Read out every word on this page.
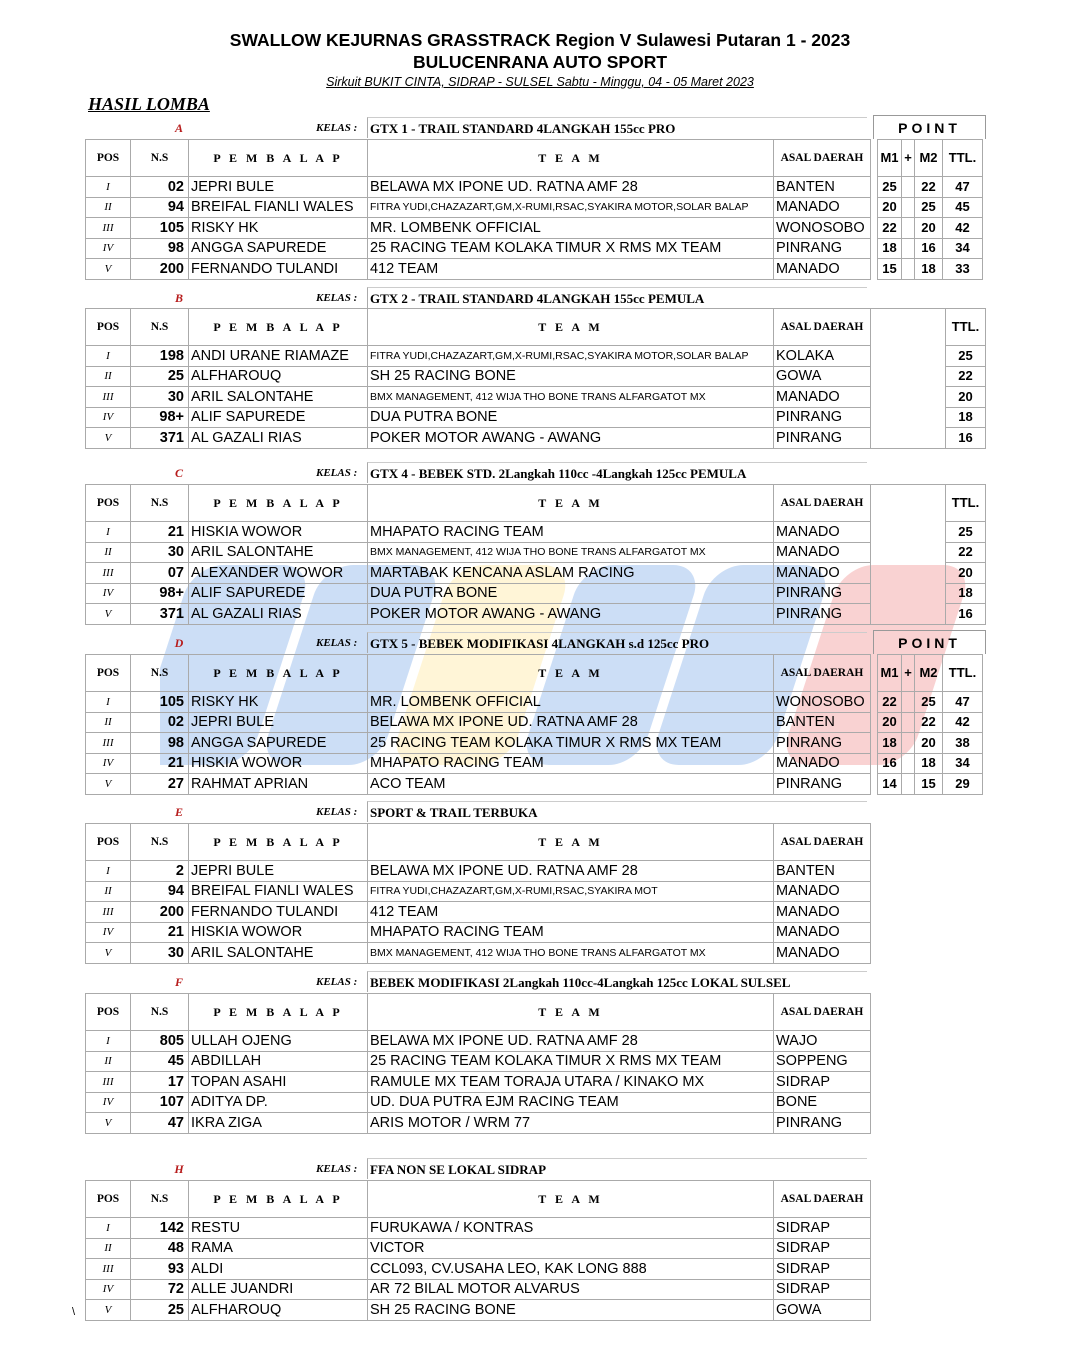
SWALLOW KEJURNAS GRASSTRACK Region V Sulawesi Putaran 1 - 2023
BULUCENRANA AUTO SPORT
Sirkuit BUKIT CINTA, SIDRAP - SULSEL Sabtu - Minggu, 04 - 05 Maret 2023
HASIL LOMBA
A	KELAS : GTX 1 - TRAIL STANDARD 4LANGKAH 155cc PRO	POINT
POS	N.S	P E M B A L A P	T E A M	ASAL DAERAH		M1	+	M2	TTL.
I	02	JEPRI BULE	BELAWA MX IPONE UD. RATNA AMF 28	BANTEN		25		22	47
II	94	BREIFAL FIANLI WALES	FITRA YUDI,CHAZAZART,GM,X-RUMI,RSAC,SYAKIRA MOTOR,SOLAR BALAP	MANADO		20		25	45
III	105	RISKY HK	MR. LOMBENK OFFICIAL	WONOSOBO		22		20	42
IV	98	ANGGA SAPUREDE	25 RACING TEAM KOLAKA TIMUR X RMS MX TEAM	PINRANG		18		16	34
V	200	FERNANDO TULANDI	412 TEAM	MANADO		15		18	33
B	KELAS : GTX 2 - TRAIL STANDARD 4LANGKAH 155cc PEMULA
POS	N.S	P E M B A L A P	T E A M	ASAL DAERAH		TTL.
I	198	ANDI URANE RIAMAZE	FITRA YUDI,CHAZAZART,GM,X-RUMI,RSAC,SYAKIRA MOTOR,SOLAR BALAP	KOLAKA		25
II	25	ALFHAROUQ	SH 25 RACING BONE	GOWA		22
III	30	ARIL SALONTAHE	BMX MANAGEMENT, 412 WIJA THO BONE TRANS ALFARGATOT MX	MANADO		20
IV	98+	ALIF SAPUREDE	DUA PUTRA BONE	PINRANG		18
V	371	AL GAZALI RIAS	POKER MOTOR AWANG - AWANG	PINRANG		16
C	KELAS : GTX 4 - BEBEK STD. 2Langkah 110cc -4Langkah 125cc PEMULA
POS	N.S	P E M B A L A P	T E A M	ASAL DAERAH		TTL.
I	21	HISKIA WOWOR	MHAPATO RACING TEAM	MANADO		25
II	30	ARIL SALONTAHE	BMX MANAGEMENT, 412 WIJA THO BONE TRANS ALFARGATOT MX	MANADO		22
III	07	ALEXANDER WOWOR	MARTABAK KENCANA ASLAM RACING	MANADO		20
IV	98+	ALIF SAPUREDE	DUA PUTRA BONE	PINRANG		18
V	371	AL GAZALI RIAS	POKER MOTOR AWANG - AWANG	PINRANG		16
D	KELAS : GTX 5 - BEBEK MODIFIKASI 4LANGKAH s.d 125cc PRO	POINT
POS	N.S	P E M B A L A P	T E A M	ASAL DAERAH		M1	+	M2	TTL.
I	105	RISKY HK	MR. LOMBENK OFFICIAL	WONOSOBO		22		25	47
II	02	JEPRI BULE	BELAWA MX IPONE UD. RATNA AMF 28	BANTEN		20		22	42
III	98	ANGGA SAPUREDE	25 RACING TEAM KOLAKA TIMUR X RMS MX TEAM	PINRANG		18		20	38
IV	21	HISKIA WOWOR	MHAPATO RACING TEAM	MANADO		16		18	34
V	27	RAHMAT APRIAN	ACO TEAM	PINRANG		14		15	29
E	KELAS : SPORT & TRAIL TERBUKA
POS	N.S	P E M B A L A P	T E A M	ASAL DAERAH
I	2	JEPRI BULE	BELAWA MX IPONE UD. RATNA AMF 28	BANTEN
II	94	BREIFAL FIANLI WALES	FITRA YUDI,CHAZAZART,GM,X-RUMI,RSAC,SYAKIRA MOT	MANADO
III	200	FERNANDO TULANDI	412 TEAM	MANADO
IV	21	HISKIA WOWOR	MHAPATO RACING TEAM	MANADO
V	30	ARIL SALONTAHE	BMX MANAGEMENT, 412 WIJA THO BONE TRANS ALFARGATOT MX	MANADO
F	KELAS : BEBEK MODIFIKASI 2Langkah 110cc-4Langkah 125cc LOKAL SULSEL
POS	N.S	P E M B A L A P	T E A M	ASAL DAERAH
I	805	ULLAH OJENG	BELAWA MX IPONE UD. RATNA AMF 28	WAJO
II	45	ABDILLAH	25 RACING TEAM KOLAKA TIMUR X RMS MX TEAM	SOPPENG
III	17	TOPAN ASAHI	RAMULE MX TEAM TORAJA UTARA / KINAKO MX	SIDRAP
IV	107	ADITYA DP.	UD. DUA PUTRA EJM RACING TEAM	BONE
V	47	IKRA ZIGA	ARIS MOTOR / WRM 77	PINRANG
H	KELAS : FFA NON SE LOKAL SIDRAP
POS	N.S	P E M B A L A P	T E A M	ASAL DAERAH
I	142	RESTU	FURUKAWA / KONTRAS	SIDRAP
II	48	RAMA	VICTOR	SIDRAP
III	93	ALDI	CCL093, CV.USAHA LEO, KAK LONG 888	SIDRAP
IV	72	ALLE JUANDRI	AR 72 BILAL MOTOR ALVARUS	SIDRAP
V	25	ALFHAROUQ	SH 25 RACING BONE	GOWA
\
